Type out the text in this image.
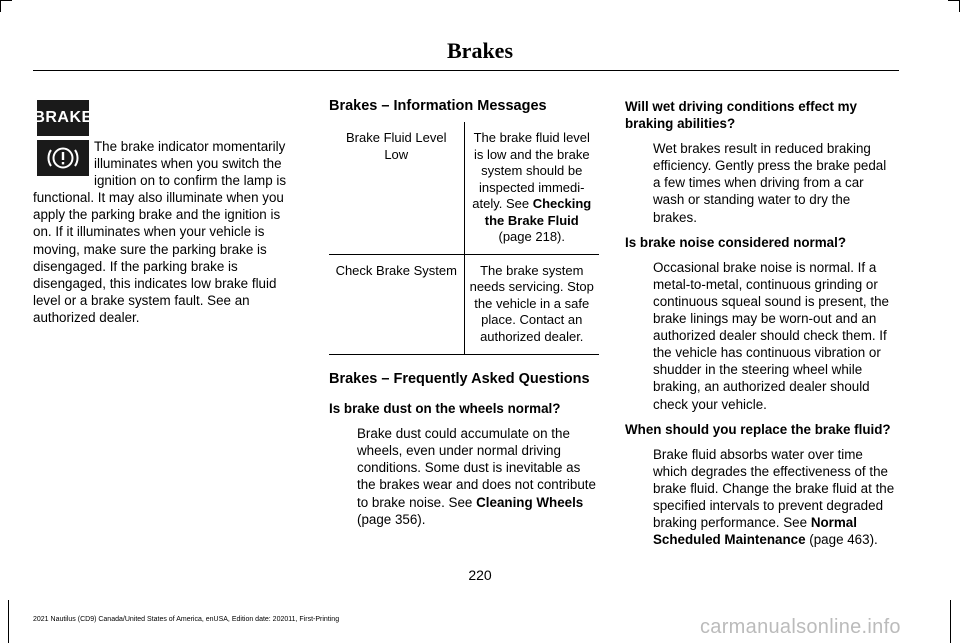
Brakes
BRAKE
The brake indicator momentarily illuminates when you switch the ignition on to confirm the lamp is functional. It may also illuminate when you apply the parking brake and the ignition is on. If it illuminates when your vehicle is moving, make sure the parking brake is disengaged. If the parking brake is disengaged, this indicates low brake fluid level or a brake system fault. See an authorized dealer.
Brakes – Information Messages
Brake Fluid Level Low	The brake fluid level is low and the brake system should be inspected immedi-ately. See Checking the Brake Fluid (page 218).
Check Brake System	The brake system needs servicing. Stop the vehicle in a safe place. Contact an authorized dealer.
Brakes – Frequently Asked Questions
Is brake dust on the wheels normal?
Brake dust could accumulate on the wheels, even under normal driving conditions. Some dust is inevitable as the brakes wear and does not contribute to brake noise. See Cleaning Wheels (page 356).
Will wet driving conditions effect my braking abilities?
Wet brakes result in reduced braking efficiency. Gently press the brake pedal a few times when driving from a car wash or standing water to dry the brakes.
Is brake noise considered normal?
Occasional brake noise is normal. If a metal-to-metal, continuous grinding or continuous squeal sound is present, the brake linings may be worn-out and an authorized dealer should check them. If the vehicle has continuous vibration or shudder in the steering wheel while braking, an authorized dealer should check your vehicle.
When should you replace the brake fluid?
Brake fluid absorbs water over time which degrades the effectiveness of the brake fluid. Change the brake fluid at the specified intervals to prevent degraded braking performance. See Normal Scheduled Maintenance (page 463).
220
2021 Nautilus (CD9) Canada/United States of America, enUSA, Edition date: 202011, First-Printing	carmanualsonline.info
